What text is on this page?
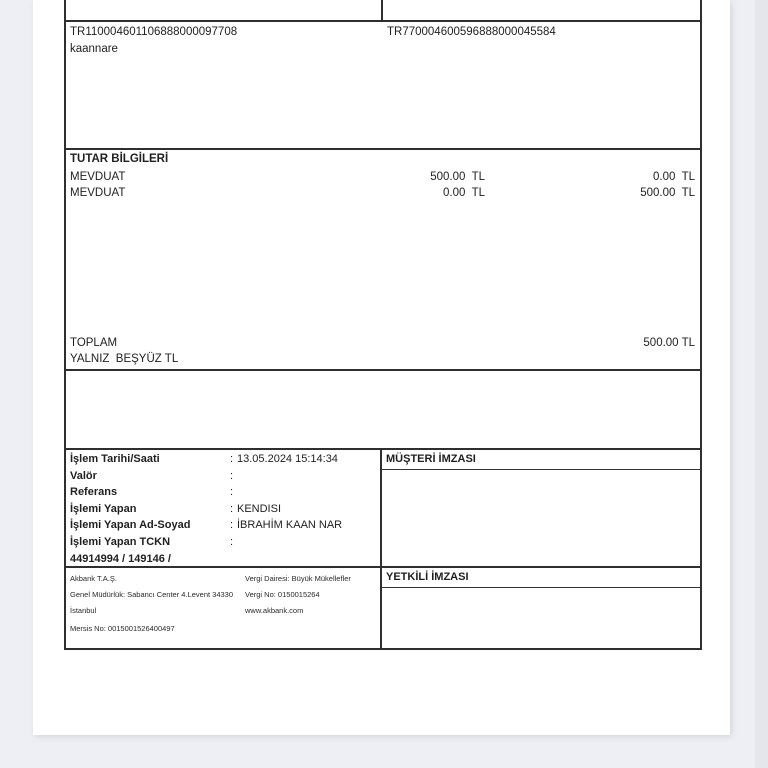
TR110004601106888000097708	TR770004600596888000045584
kaannare
TUTAR BİLGİLERİ
MEVDUAT	500.00  TL	0.00  TL
MEVDUAT	0.00  TL	500.00  TL
TOPLAM	500.00 TL
YALNIZ  BEŞYÜZ TL
İşlem Tarihi/Saati	: 13.05.2024 15:14:34
Valör	:
Referans	:
İşlemi Yapan	: KENDISI
İşlemi Yapan Ad-Soyad	: İBRAHİM KAAN NAR
İşlemi Yapan TCKN	:
44914994 / 149146 /
MÜŞTERİ İMZASI
Akbank T.A.Ş.
Genel Müdürlük: Sabancı Center 4.Levent 34330
İstanbul
Mersis No: 0015001526400497
Vergi Dairesi: Büyük Mükellefler
Vergi No: 0150015264
www.akbank.com
YETKİLİ İMZASI
